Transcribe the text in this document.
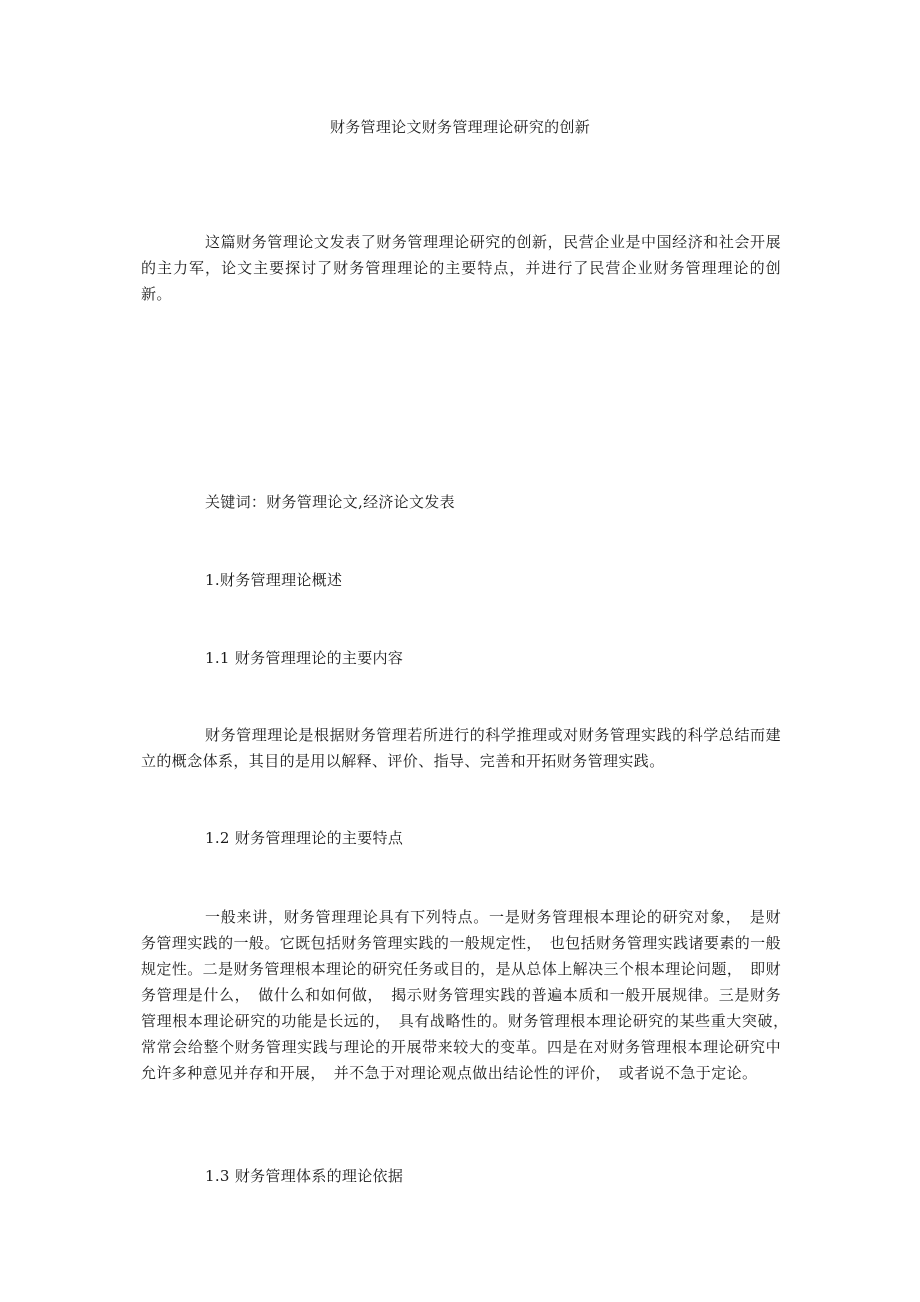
财务管理论文财务管理理论研究的创新

这篇财务管理论文发表了财务管理理论研究的创新，民营企业是中国经济和社会开展的主力军，论文主要探讨了财务管理理论的主要特点，并进行了民营企业财务管理理论的创新。

关键词：财务管理论文,经济论文发表

1.财务管理理论概述

1.1 财务管理理论的主要内容

财务管理理论是根据财务管理若所进行的科学推理或对财务管理实践的科学总结而建立的概念体系，其目的是用以解释、评价、指导、完善和开拓财务管理实践。

1.2 财务管理理论的主要特点

一般来讲，财务管理理论具有下列特点。一是财务管理根本理论的研究对象，　是财务管理实践的一般。它既包括财务管理实践的一般规定性，　也包括财务管理实践诸要素的一般规定性。二是财务管理根本理论的研究任务或目的，是从总体上解决三个根本理论问题，　即财务管理是什么，　做什么和如何做，　揭示财务管理实践的普遍本质和一般开展规律。三是财务管理根本理论研究的功能是长远的，　具有战略性的。财务管理根本理论研究的某些重大突破，　常常会给整个财务管理实践与理论的开展带来较大的变革。四是在对财务管理根本理论研究中允许多种意见并存和开展，　并不急于对理论观点做出结论性的评价，　或者说不急于定论。

1.3 财务管理体系的理论依据
